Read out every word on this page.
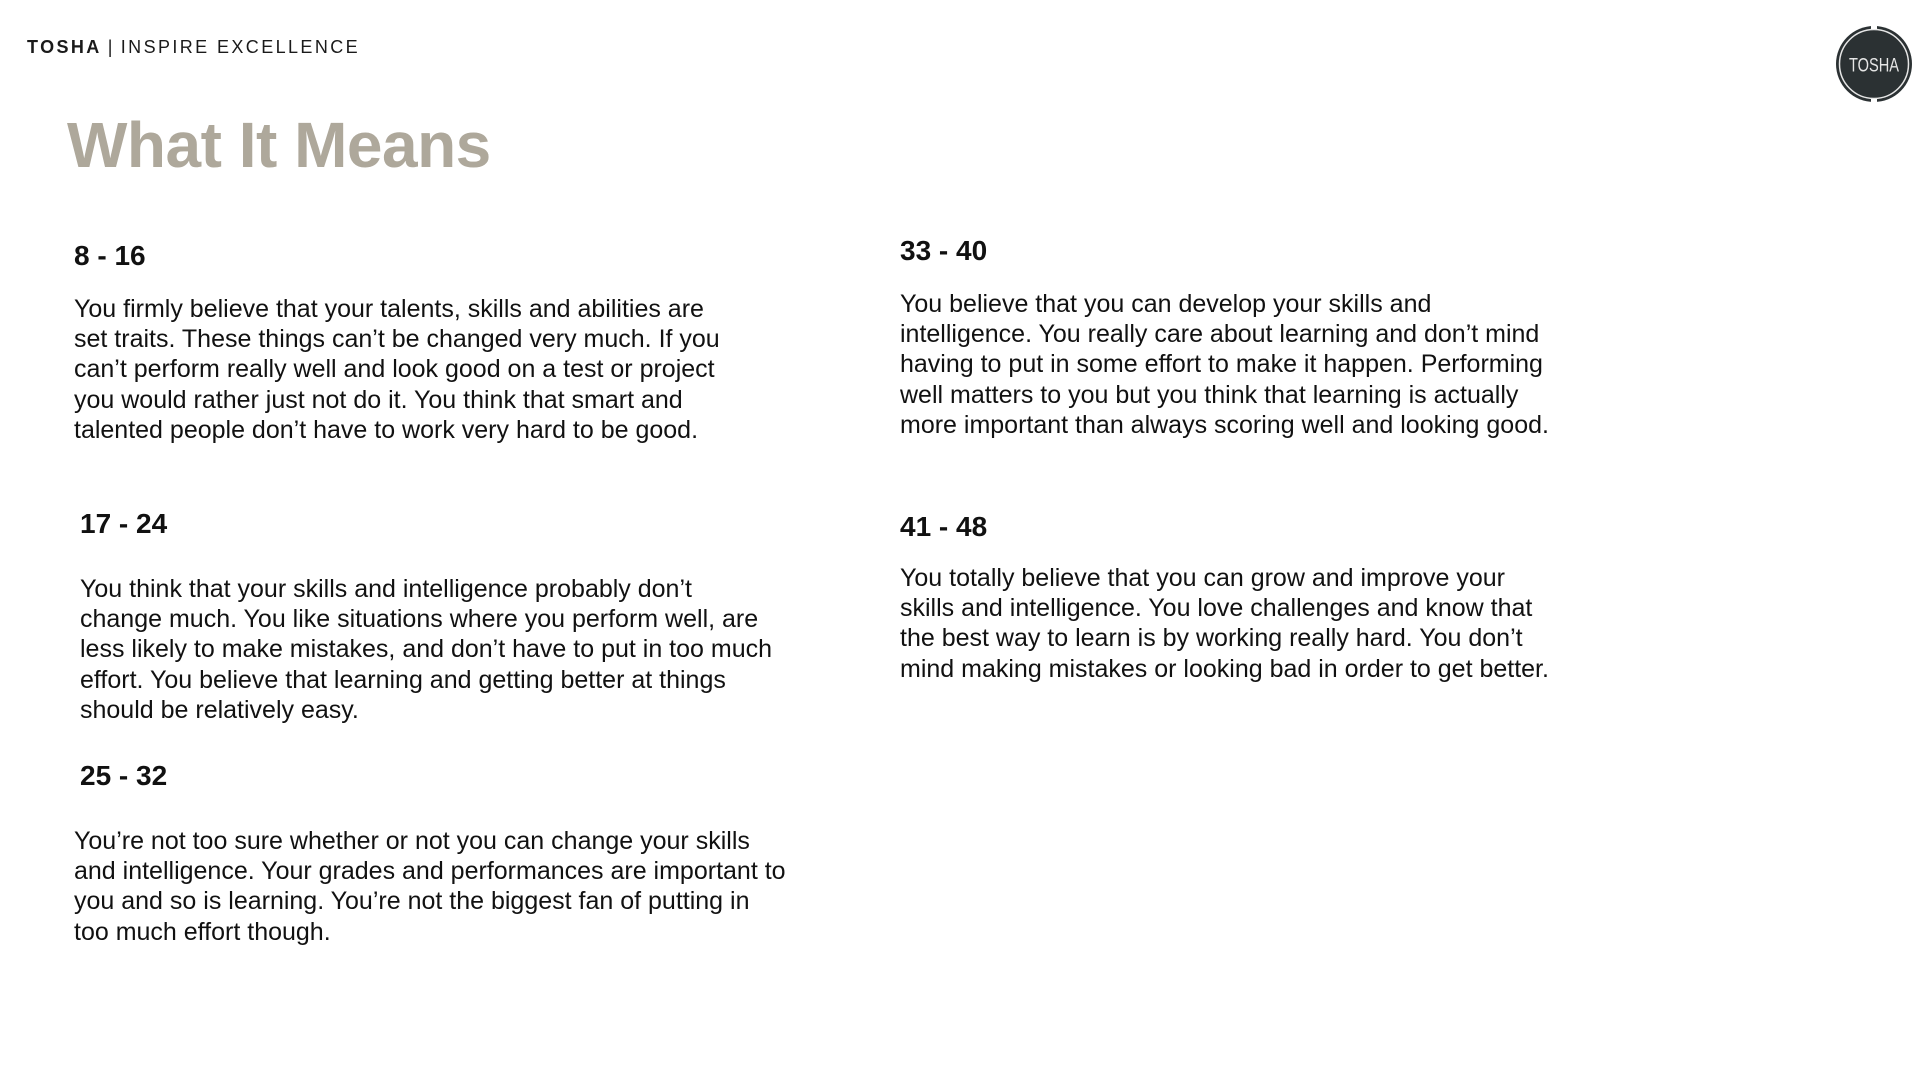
TOSHA | INSPIRE EXCELLENCE
TOSHA
What It Means

8 - 16

You firmly believe that your talents, skills and abilities are set traits. These things can’t be changed very much. If you can’t perform really well and look good on a test or project you would rather just not do it. You think that smart and talented people don’t have to work very hard to be good.

17 - 24

You think that your skills and intelligence probably don’t change much. You like situations where you perform well, are less likely to make mistakes, and don’t have to put in too much effort. You believe that learning and getting better at things should be relatively easy.

25 - 32

You’re not too sure whether or not you can change your skills and intelligence. Your grades and performances are important to you and so is learning. You’re not the biggest fan of putting in too much effort though.

33 - 40

You believe that you can develop your skills and intelligence. You really care about learning and don’t mind having to put in some effort to make it happen. Performing well matters to you but you think that learning is actually more important than always scoring well and looking good.

41 - 48

You totally believe that you can grow and improve your skills and intelligence. You love challenges and know that the best way to learn is by working really hard. You don’t mind making mistakes or looking bad in order to get better.
